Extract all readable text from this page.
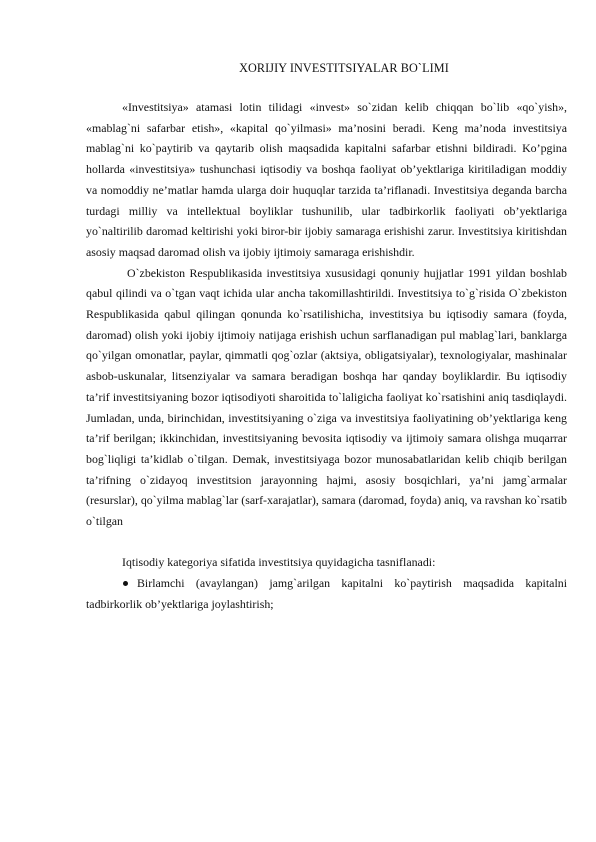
XORIJIY INVESTITSIYALAR BO`LIMI

«Investitsiya» atamasi lotin tilidagi «invest» so`zidan kelib chiqqan bo`lib «qo`yish», «mablag`ni safarbar etish», «kapital qo`yilmasi» ma’nosini beradi. Keng ma’noda investitsiya mablag`ni ko`paytirib va qaytarib olish maqsadida kapitalni safarbar etishni bildiradi. Ko’pgina hollarda «investitsiya» tushunchasi iqtisodiy va boshqa faoliyat ob’yektlariga kiritiladigan moddiy va nomoddiy ne’matlar hamda ularga doir huquqlar tarzida ta’riflanadi. Investitsiya deganda barcha turdagi milliy va intellektual boyliklar tushunilib, ular tadbirkorlik faoliyati ob’yektlariga yo`naltirilib daromad keltirishi yoki biror-bir ijobiy samaraga erishishi zarur. Investitsiya kiritishdan asosiy maqsad daromad olish va ijobiy ijtimoiy samaraga erishishdir.

O`zbekiston Respublikasida investitsiya xususidagi qonuniy hujjatlar 1991 yildan boshlab qabul qilindi va o`tgan vaqt ichida ular ancha takomillashtirildi. Investitsiya to`g`risida O`zbekiston Respublikasida qabul qilingan qonunda ko`rsatilishicha, investitsiya bu iqtisodiy samara (foyda, daromad) olish yoki ijobiy ijtimoiy natijaga erishish uchun sarflanadigan pul mablag`lari, banklarga qo`yilgan omonatlar, paylar, qimmatli qog`ozlar (aktsiya, obligatsiyalar), texnologiyalar, mashinalar asbob-uskunalar, litsenziyalar va samara beradigan boshqa har qanday boyliklardir. Bu iqtisodiy ta’rif investitsiyaning bozor iqtisodiyoti sharoitida to`laligicha faoliyat ko`rsatishini aniq tasdiqlaydi. Jumladan, unda, birinchidan, investitsiyaning o`ziga va investitsiya faoliyatining ob’yektlariga keng ta’rif berilgan; ikkinchidan, investitsiyaning bevosita iqtisodiy va ijtimoiy samara olishga muqarrar bog`liqligi ta’kidlab o`tilgan. Demak, investitsiyaga bozor munosabatlaridan kelib chiqib berilgan ta’rifning o`zidayoq investitsion jarayonning hajmi, asosiy bosqichlari, ya’ni jamg`armalar (resurslar), qo`yilma mablag`lar (sarf-xarajatlar), samara (daromad, foyda) aniq, va ravshan ko`rsatib o`tilgan

Iqtisodiy kategoriya sifatida investitsiya quyidagicha tasniflanadi:

Birlamchi (avaylangan) jamg`arilgan kapitalni ko`paytirish maqsadida kapitalni tadbirkorlik ob’yektlariga joylashtirish;
